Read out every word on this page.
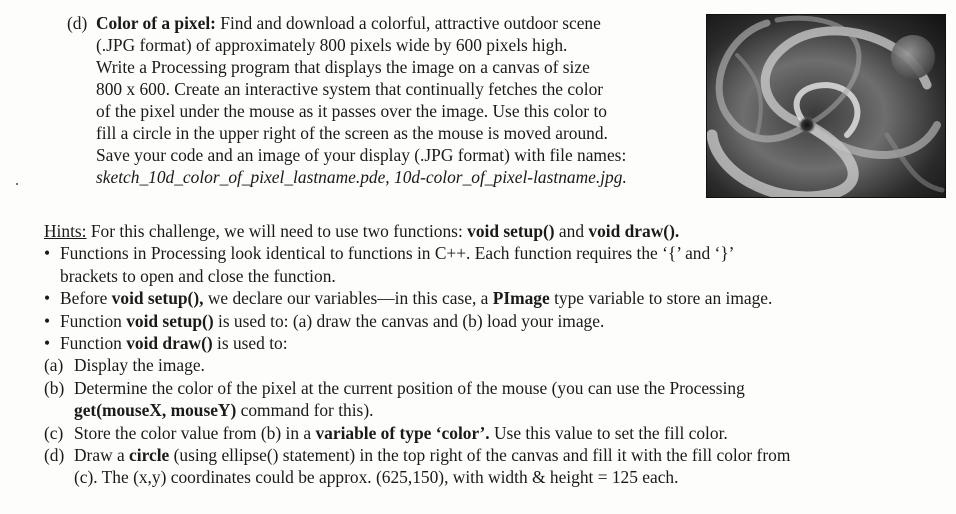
(d) Color of a pixel: Find and download a colorful, attractive outdoor scene
(.JPG format) of approximately 800 pixels wide by 600 pixels high.
Write a Processing program that displays the image on a canvas of size
800 x 600. Create an interactive system that continually fetches the color
of the pixel under the mouse as it passes over the image. Use this color to
fill a circle in the upper right of the screen as the mouse is moved around.
Save your code and an image of your display (.JPG format) with file names:
sketch_10d_color_of_pixel_lastname.pde, 10d-color_of_pixel-lastname.jpg.
Hints: For this challenge, we will need to use two functions: void setup() and void draw().
• Functions in Processing look identical to functions in C++. Each function requires the ‘{’ and ‘}’
brackets to open and close the function.
• Before void setup(), we declare our variables—in this case, a PImage type variable to store an image.
• Function void setup() is used to: (a) draw the canvas and (b) load your image.
• Function void draw() is used to:
(a) Display the image.
(b) Determine the color of the pixel at the current position of the mouse (you can use the Processing
get(mouseX, mouseY) command for this).
(c) Store the color value from (b) in a variable of type ‘color’. Use this value to set the fill color.
(d) Draw a circle (using ellipse() statement) in the top right of the canvas and fill it with the fill color from
(c). The (x,y) coordinates could be approx. (625,150), with width & height = 125 each.
